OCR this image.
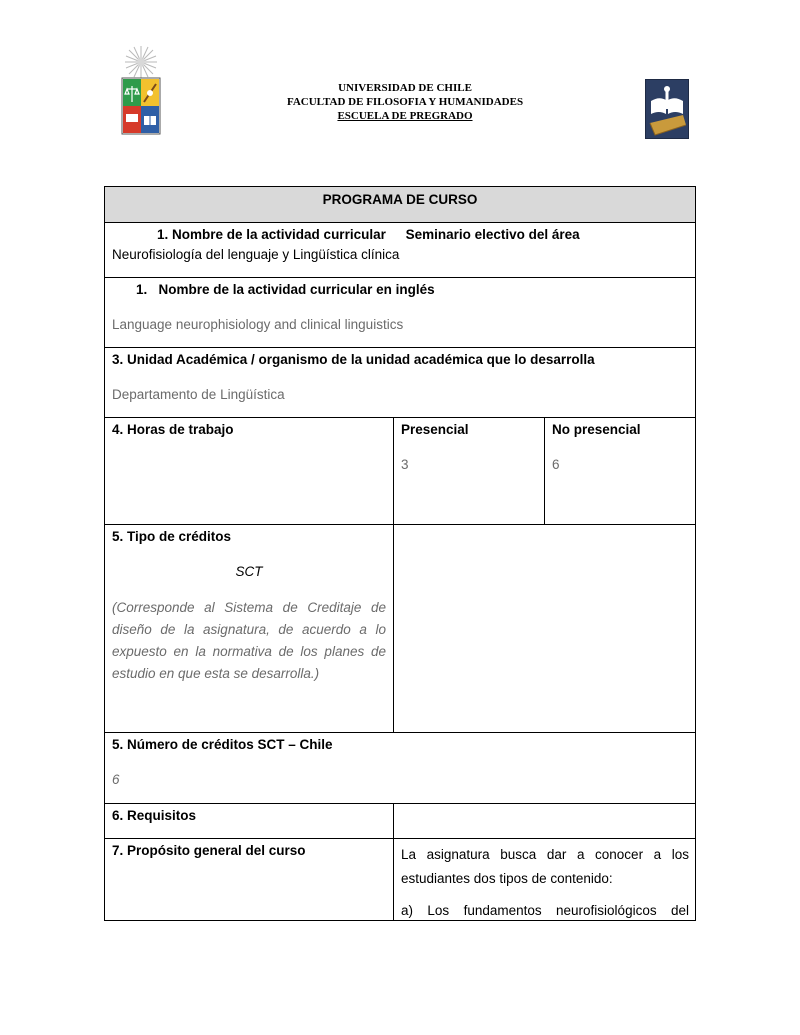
UNIVERSIDAD DE CHILE
FACULTAD DE FILOSOFIA Y HUMANIDADES
ESCUELA DE PREGRADO
PROGRAMA DE CURSO
1. Nombre de la actividad curricular Seminario electivo del área
Neurofisiología del lenguaje y Lingüística clínica
1.   Nombre de la actividad curricular en inglés
Language neurophisiology and clinical linguistics
3. Unidad Académica / organismo de la unidad académica que lo desarrolla
Departamento de Lingüística
4. Horas de trabajo	Presencial
3
No presencial
6
5. Tipo de créditos
SCT
(Corresponde al Sistema de Creditaje de diseño de la asignatura, de acuerdo a lo expuesto en la normativa de los planes de estudio en que esta se desarrolla.)
5. Número de créditos SCT – Chile
6
6. Requisitos
7. Propósito general del curso	La asignatura busca dar a conocer a los estudiantes dos tipos de contenido:
a) Los fundamentos neurofisiológicos del
